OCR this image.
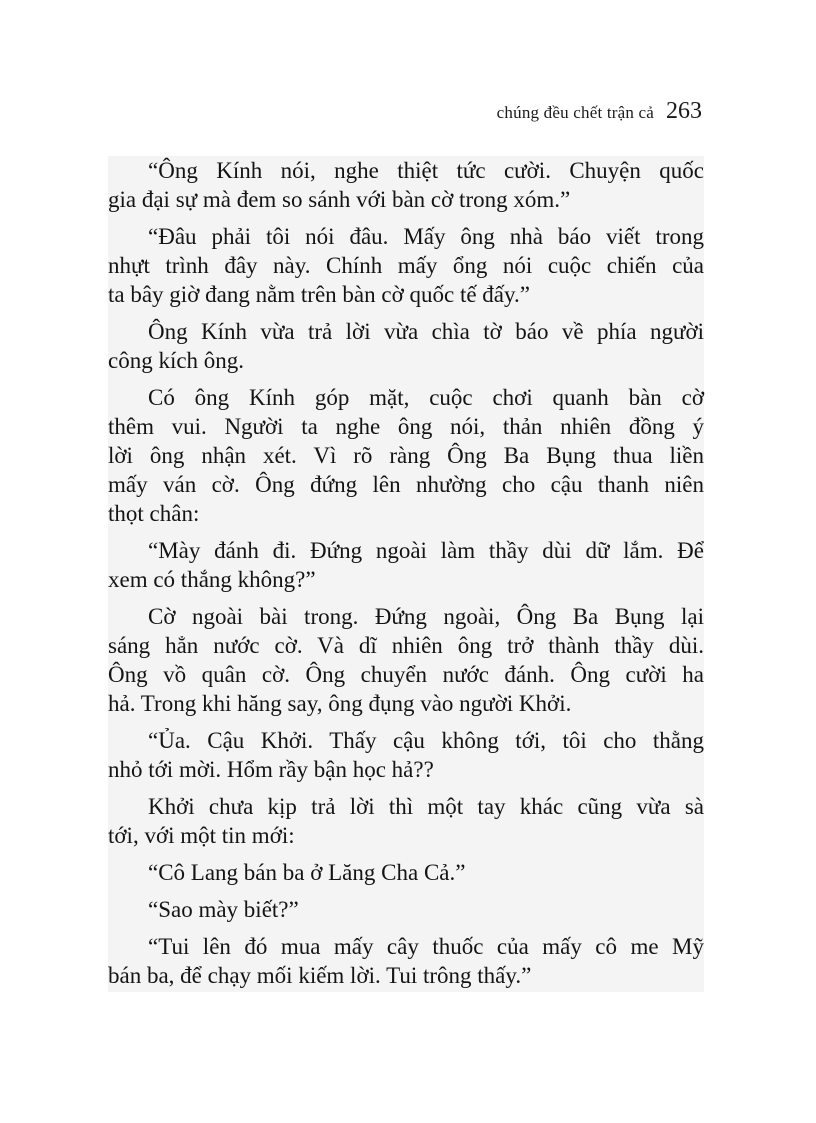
chúng đều chết trận cả 263

“Ông Kính nói, nghe thiệt tức cười. Chuyện quốc
gia đại sự mà đem so sánh với bàn cờ trong xóm.”

“Đâu phải tôi nói đâu. Mấy ông nhà báo viết trong
nhựt trình đây này. Chính mấy ổng nói cuộc chiến của
ta bây giờ đang nằm trên bàn cờ quốc tế đấy.”

Ông Kính vừa trả lời vừa chìa tờ báo về phía người
công kích ông.

Có ông Kính góp mặt, cuộc chơi quanh bàn cờ
thêm vui. Người ta nghe ông nói, thản nhiên đồng ý
lời ông nhận xét. Vì rõ ràng Ông Ba Bụng thua liền
mấy ván cờ. Ông đứng lên nhường cho cậu thanh niên
thọt chân:

“Mày đánh đi. Đứng ngoài làm thầy dùi dữ lắm. Để
xem có thắng không?”

Cờ ngoài bài trong. Đứng ngoài, Ông Ba Bụng lại
sáng hẳn nước cờ. Và dĩ nhiên ông trở thành thầy dùi.
Ông vồ quân cờ. Ông chuyển nước đánh. Ông cười ha
hả. Trong khi hăng say, ông đụng vào người Khởi.

“Ủa. Cậu Khởi. Thấy cậu không tới, tôi cho thằng
nhỏ tới mời. Hổm rầy bận học hả??

Khởi chưa kịp trả lời thì một tay khác cũng vừa sà
tới, với một tin mới:

“Cô Lang bán ba ở Lăng Cha Cả.”

“Sao mày biết?”

“Tui lên đó mua mấy cây thuốc của mấy cô me Mỹ
bán ba, để chạy mối kiếm lời. Tui trông thấy.”
